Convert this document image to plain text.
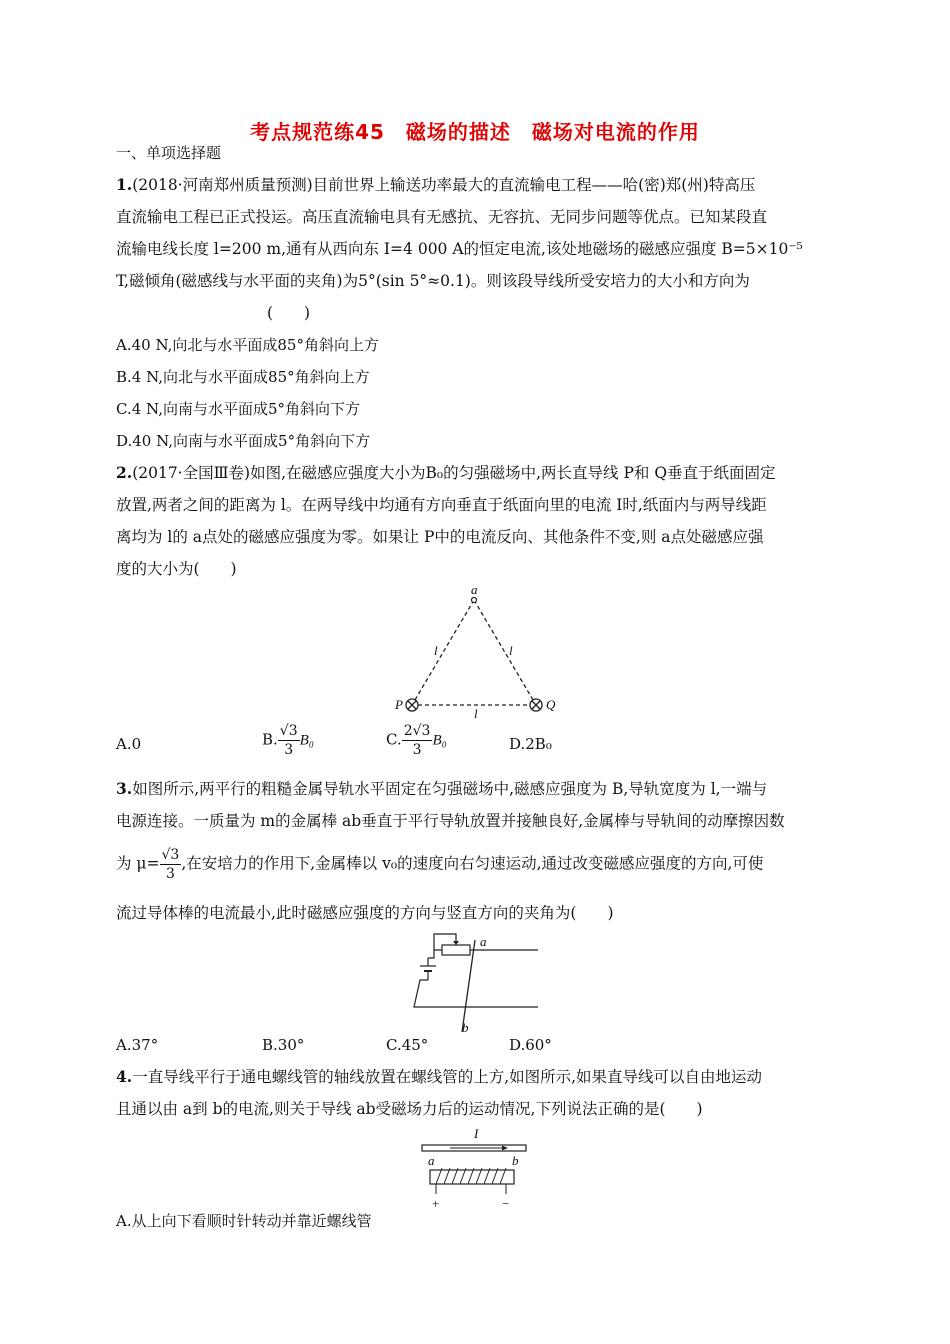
考点规范练45　磁场的描述　磁场对电流的作用
一、单项选择题
1.(2018·河南郑州质量预测)目前世界上输送功率最大的直流输电工程——哈(密)郑(州)特高压
直流输电工程已正式投运。高压直流输电具有无感抗、无容抗、无同步问题等优点。已知某段直
流输电线长度 l=200 m,通有从西向东 I=4 000 A的恒定电流,该处地磁场的磁感应强度 B=5×10⁻⁵
T,磁倾角(磁感线与水平面的夹角)为5°(sin 5°≈0.1)。则该段导线所受安培力的大小和方向为
(　　)
A.40 N,向北与水平面成85°角斜向上方
B.4 N,向北与水平面成85°角斜向上方
C.4 N,向南与水平面成5°角斜向下方
D.40 N,向南与水平面成5°角斜向下方
2.(2017·全国Ⅲ卷)如图,在磁感应强度大小为B₀的匀强磁场中,两长直导线 P和 Q垂直于纸面固定
放置,两者之间的距离为 l。在两导线中均通有方向垂直于纸面向里的电流 I时,纸面内与两导线距
离均为 l的 a点处的磁感应强度为零。如果让 P中的电流反向、其他条件不变,则 a点处磁感应强
度的大小为(　　)
a
l	l
P	Q
l
A.0	B. $\frac{√3}{3} B_0$	C. $\frac{2√3}{3} B_0$	D.2B₀
3.如图所示,两平行的粗糙金属导轨水平固定在匀强磁场中,磁感应强度为 B,导轨宽度为 l,一端与
电源连接。一质量为 m的金属棒 ab垂直于平行导轨放置并接触良好,金属棒与导轨间的动摩擦因数
为 $\mu= \frac{√3}{3}$ ,在安培力的作用下,金属棒以 v₀的速度向右匀速运动,通过改变磁感应强度的方向,可使
流过导体棒的电流最小,此时磁感应强度的方向与竖直方向的夹角为(　　)
a
b
A.37°	B.30°	C.45°	D.60°
4.一直导线平行于通电螺线管的轴线放置在螺线管的上方,如图所示,如果直导线可以自由地运动
且通以由 a到 b的电流,则关于导线 ab受磁场力后的运动情况,下列说法正确的是(　　)
I
a	b
+	−
A.从上向下看顺时针转动并靠近螺线管
